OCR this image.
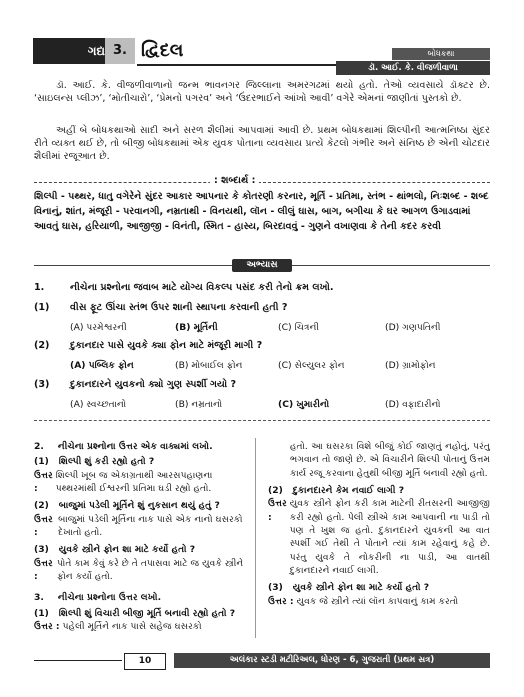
ગદ્ય 3. દ્વિદલ	બોધકથા
ડૉ. આઈ. કે. વીજળીવાળા
ડૉ. આઈ. કે. વીજળીવાળાનો જન્મ ભાવનગર જિલ્લાના અમરગઢમાં થયો હતો. તેઓ વ્યવસાયે ડૉક્ટર છે. ‘સાઇલન્સ પ્લીઝ’, ‘મોતીચારો’, ‘પ્રેમનો પગરવ’ અને ‘ઉંદરભાઈને આંખો આવી’ વગેરે એમનાં જાણીતાં પુસ્તકો છે.
અહીં બે બોધકથાઓ સાદી અને સરળ શૈલીમાં આપવામાં આવી છે. પ્રથમ બોધકથામાં શિલ્પીની આત્મનિષ્ઠા સુંદર રીતે વ્યક્ત થઈ છે, તો બીજી બોધકથામાં એક યુવક પોતાના વ્યવસાય પ્રત્યે કેટલો ગંભીર અને સંનિષ્ઠ છે એની ચોટદાર શૈલીમાં રજૂઆત છે.
: શબ્દાર્થ :
શિલ્પી - પથ્થર, ધાતુ વગેરેને સુંદર આકાર આપનાર કે કોતરણી કરનાર, મૂર્તિ - પ્રતિમા, સ્તંભ - થાંભલો, નિઃશબ્દ - શબ્દ વિનાનું, શાંત, મંજૂરી - પરવાનગી, નમ્રતાથી - વિનયથી, લૉન - લીલું ઘાસ, બાગ, બગીચા કે ઘર આગળ ઉગાડવામાં આવતું ઘાસ, હરિયાળી, આજીજી - વિનંતી, સ્મિત - હાસ્ય, બિરદાવવું - ગુણને વખાણવા કે તેની કદર કરવી
અભ્યાસ
1.	નીચેના પ્રશ્નોના જવાબ માટે યોગ્ય વિકલ્પ પસંદ કરી તેનો ક્રમ લખો.
(1) વીસ ફૂટ ઊંચા સ્તંભ ઉપર શાની સ્થાપના કરવાની હતી ?
(A) પરમેશ્વરની	(B) મૂર્તિની	(C) ચિત્રની	(D) ગણપતિની
(2) દુકાનદાર પાસે યુવકે ક્યા ફોન માટે મંજૂરી માગી ?
(A) પબ્લિક ફોન	(B) મોબાઈલ ફોન	(C) સેલ્યુલર ફોન	(D) ગ્રામોફોન
(3) દુકાનદારને યુવકનો ક્યો ગુણ સ્પર્શી ગયો ?
(A) સ્વચ્છતાનો	(B) નમ્રતાનો	(C) ખુમારીનો	(D) વફાદારીનો
2. નીચેના પ્રશ્નોના ઉત્તર એક વાક્યમાં લખો.
(1) શિલ્પી શું કરી રહ્યો હતો ?
ઉત્તર :
શિલ્પી ખૂબ જ એકાગ્રતાથી આરસપહાણના પથ્થરમાંથી ઈશ્વરની પ્રતિમા ઘડી રહ્યો હતો.
(2) બાજુમાં પડેલી મૂર્તિને શું નુકસાન થયું હતું ?
ઉત્તર :
બાજુમાં પડેલી મૂર્તિના નાક પાસે એક નાનો ઘસરકો દેખાતો હતો.
(3) યુવકે સ્ત્રીને ફોન શા માટે કર્યો હતો ?
ઉત્તર :
પોતે કામ કેવું કરે છે તે તપાસવા માટે જ યુવકે સ્ત્રીને ફોન કર્યો હતો.
3. નીચેના પ્રશ્નોના ઉત્તર લખો.
(1) શિલ્પી શું વિચારી બીજી મૂર્તિ બનાવી રહ્યો હતો ?
ઉત્તર : પહેલી મૂર્તિને નાક પાસે સહેજ ઘસરકો
હતો. આ ઘસરકા વિશે બીજું કોઈ જાણતું નહોતું, પરંતુ ભગવાન તો જાણે છે. એ વિચારીને શિલ્પી પોતાનું ઉત્તમ કાર્ય રજૂ કરવાના હેતુથી બીજી મૂર્તિ બનાવી રહ્યો હતો.
(2) દુકાનદારને કેમ નવાઈ લાગી ?
ઉત્તર :
યુવક સ્ત્રીને ફોન કરી કામ માટેની રીતસરની આજીજી કરી રહ્યો હતો. પેલી સ્ત્રીએ કામ આપવાની ના પાડી તો પણ તે ખુશ જ હતો. દુકાનદારને યુવકની આ વાત સ્પર્શી ગઈ તેથી તે પોતાને ત્યાં કામ રહેવાનું કહે છે. પરંતુ યુવકે તે નોકરીની ના પાડી, આ વાતથી દુકાનદારને નવાઈ લાગી.
(3) યુવકે સ્ત્રીને ફોન શા માટે કર્યો હતો ?
ઉત્તર : યુવક જે સ્ત્રીને ત્યાં લૉન કાપવાનું કામ કરતો
10	અલંકાર સ્ટડી મટીરિઅલ, ધોરણ - 6, ગુજરાતી (પ્રથમ સત્ર)
